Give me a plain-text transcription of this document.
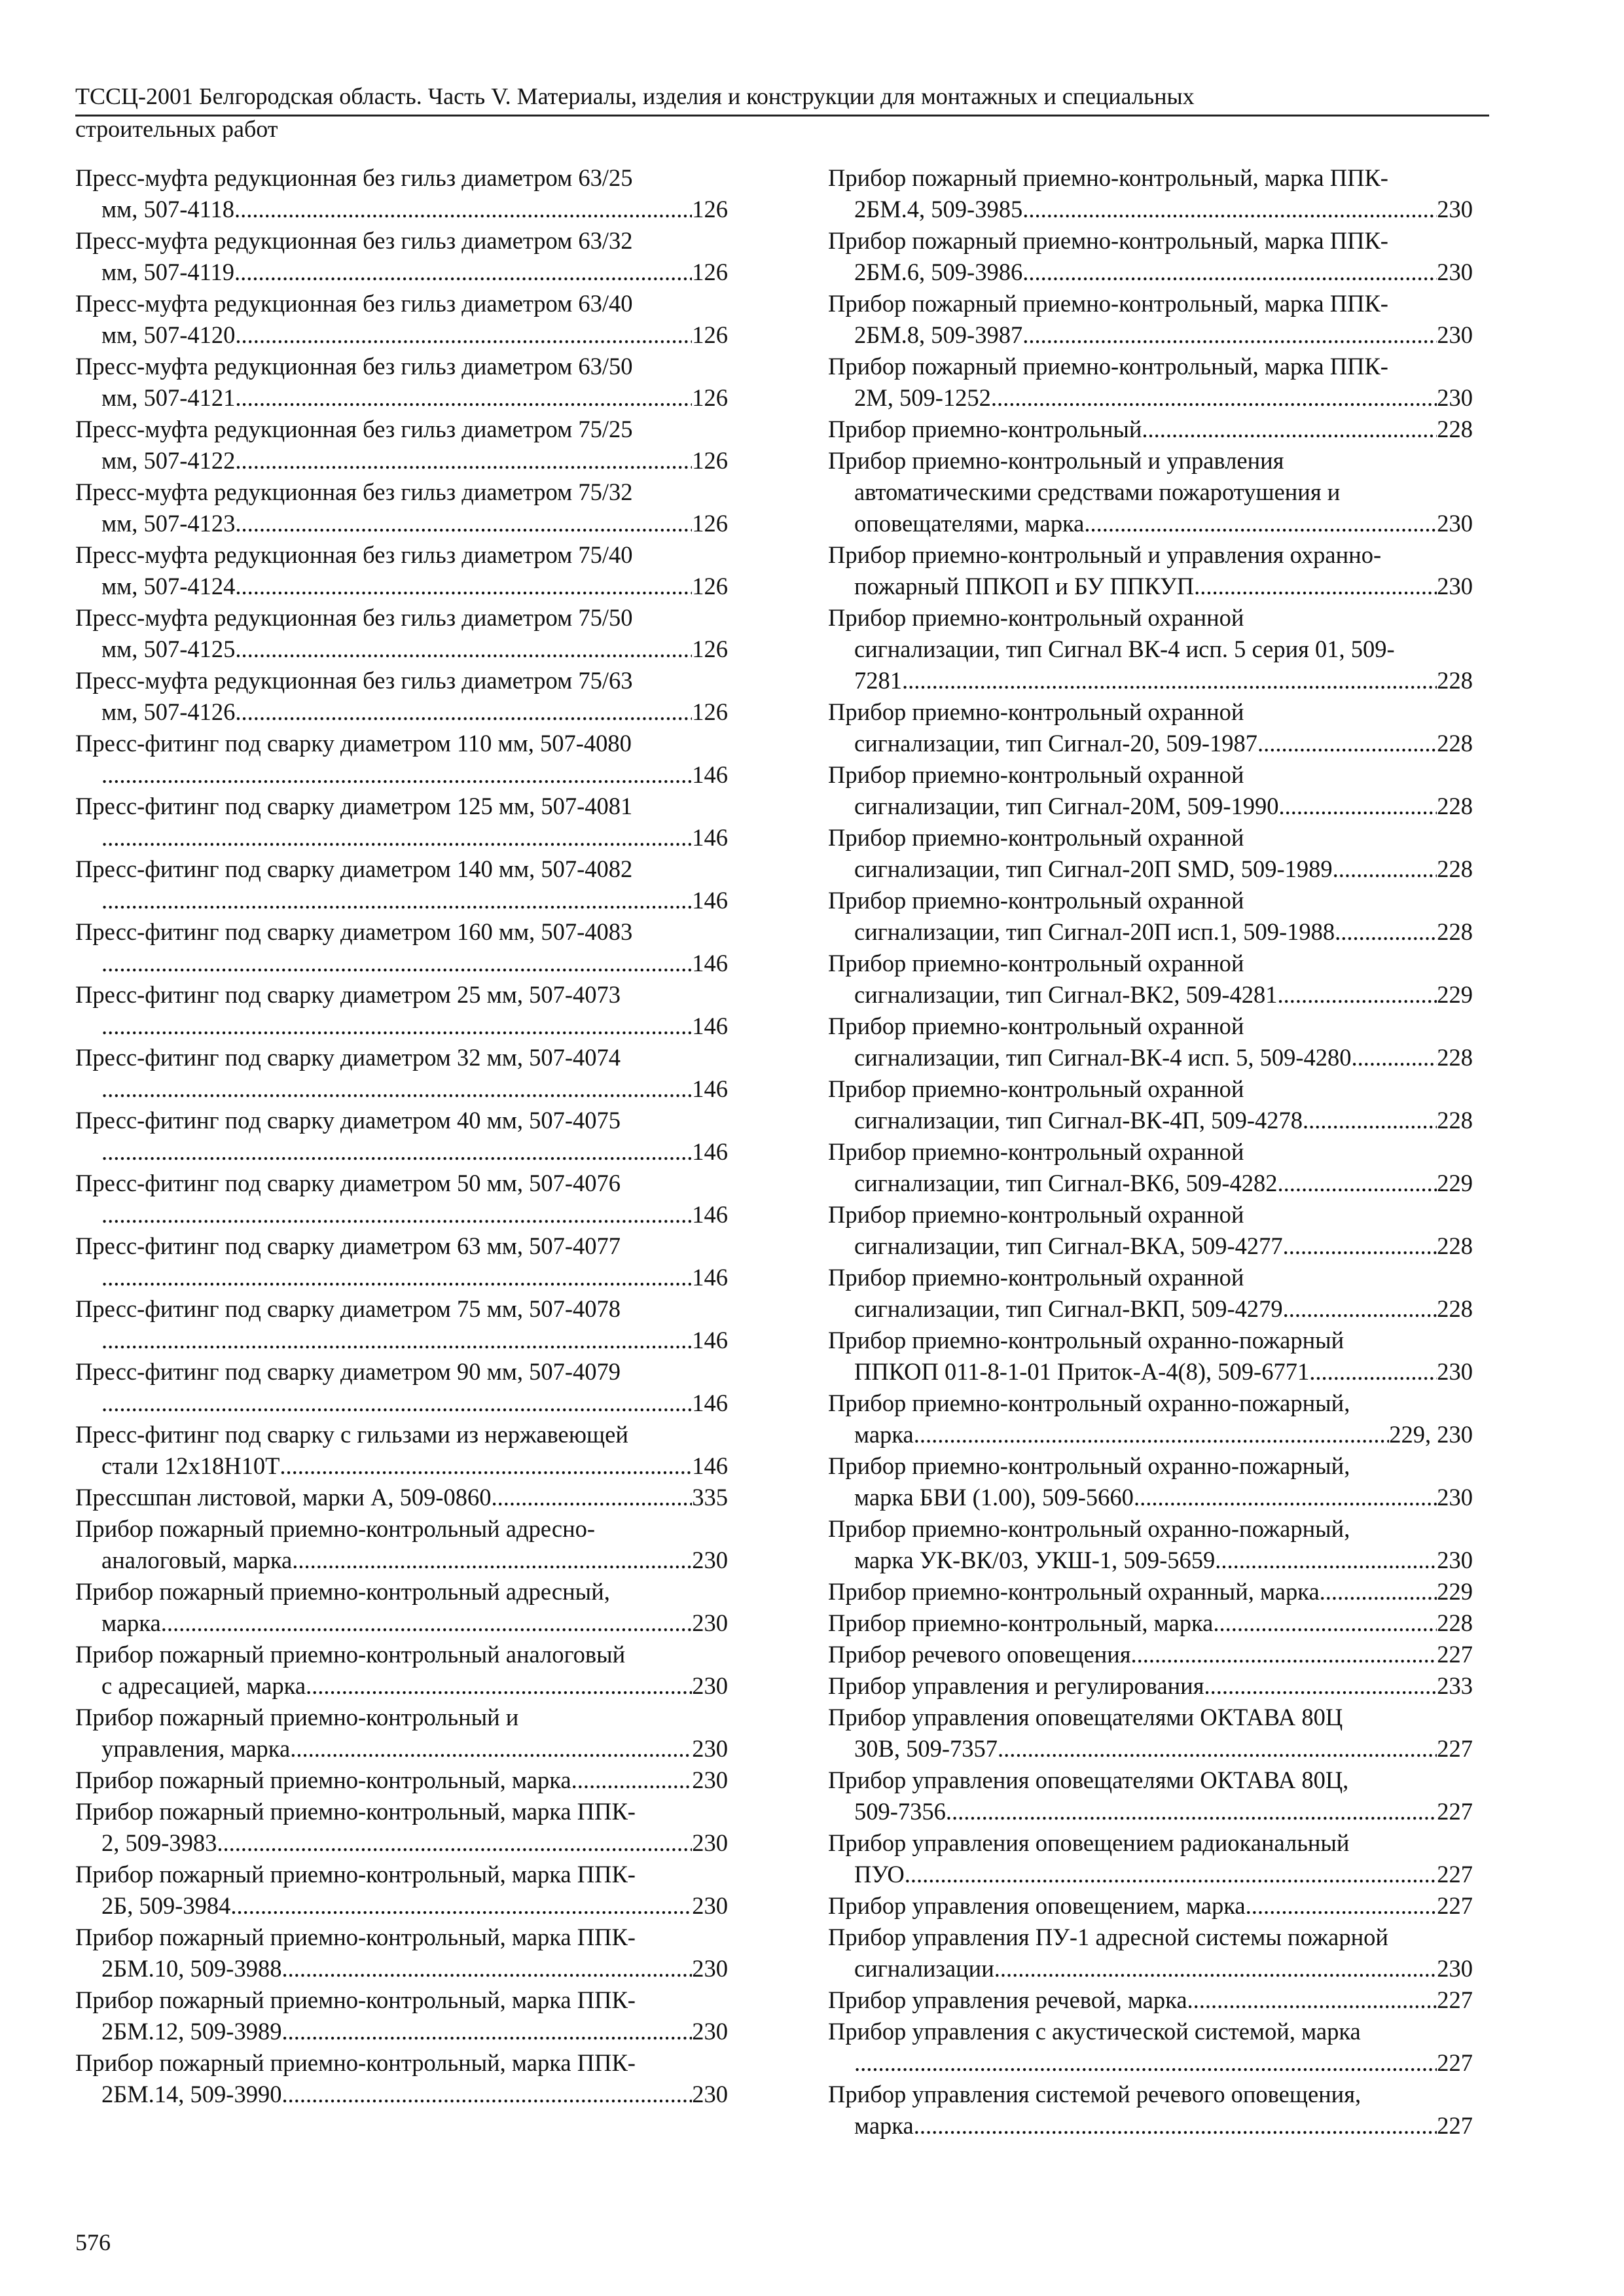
ТССЦ-2001 Белгородская область. Часть V. Материалы, изделия и конструкции для монтажных и специальных
строительных работ
Пресс-муфта редукционная без гильз диаметром 63/25
мм, 507-4118 .....	126
Пресс-муфта редукционная без гильз диаметром 63/32
мм, 507-4119 .....	126
Пресс-муфта редукционная без гильз диаметром 63/40
мм, 507-4120 .....	126
Пресс-муфта редукционная без гильз диаметром 63/50
мм, 507-4121 .....	126
Пресс-муфта редукционная без гильз диаметром 75/25
мм, 507-4122 .....	126
Пресс-муфта редукционная без гильз диаметром 75/32
мм, 507-4123 .....	126
Пресс-муфта редукционная без гильз диаметром 75/40
мм, 507-4124 .....	126
Пресс-муфта редукционная без гильз диаметром 75/50
мм, 507-4125 .....	126
Пресс-муфта редукционная без гильз диаметром 75/63
мм, 507-4126 .....	126
Пресс-фитинг под сварку диаметром 110 мм, 507-4080
.....
146
Пресс-фитинг под сварку диаметром 125 мм, 507-4081
.....
146
Пресс-фитинг под сварку диаметром 140 мм, 507-4082
.....
146
Пресс-фитинг под сварку диаметром 160 мм, 507-4083
.....
146
Пресс-фитинг под сварку диаметром 25 мм, 507-4073
.....
146
Пресс-фитинг под сварку диаметром 32 мм, 507-4074
.....
146
Пресс-фитинг под сварку диаметром 40 мм, 507-4075
.....
146
Пресс-фитинг под сварку диаметром 50 мм, 507-4076
.....
146
Пресс-фитинг под сварку диаметром 63 мм, 507-4077
.....
146
Пресс-фитинг под сварку диаметром 75 мм, 507-4078
.....
146
Пресс-фитинг под сварку диаметром 90 мм, 507-4079
.....
146
Пресс-фитинг под сварку с гильзами из нержавеющей
стали 12х18Н10Т .....	146
Прессшпан листовой, марки А, 509-0860 .....	335
Прибор пожарный приемно-контрольный адресно-
аналоговый, марка .....	230
Прибор пожарный приемно-контрольный адресный,
марка .....	230
Прибор пожарный приемно-контрольный аналоговый
с адресацией, марка .....	230
Прибор пожарный приемно-контрольный и
управления, марка .....	230
Прибор пожарный приемно-контрольный, марка .....	230
Прибор пожарный приемно-контрольный, марка ППК-
2, 509-3983 .....	230
Прибор пожарный приемно-контрольный, марка ППК-
2Б, 509-3984 .....	230
Прибор пожарный приемно-контрольный, марка ППК-
2БМ.10, 509-3988 .....	230
Прибор пожарный приемно-контрольный, марка ППК-
2БМ.12, 509-3989 .....	230
Прибор пожарный приемно-контрольный, марка ППК-
2БМ.14, 509-3990 .....	230
Прибор пожарный приемно-контрольный, марка ППК-
2БМ.4, 509-3985 .....	230
Прибор пожарный приемно-контрольный, марка ППК-
2БМ.6, 509-3986 .....	230
Прибор пожарный приемно-контрольный, марка ППК-
2БМ.8, 509-3987 .....	230
Прибор пожарный приемно-контрольный, марка ППК-
2М, 509-1252 .....	230
Прибор приемно-контрольный .....	228
Прибор приемно-контрольный и управления
автоматическими средствами пожаротушения и
оповещателями, марка .....	230
Прибор приемно-контрольный и управления охранно-
пожарный ППКОП и БУ ППКУП .....	230
Прибор приемно-контрольный охранной
сигнализации, тип Сигнал ВК-4 исп. 5 серия 01, 509-
7281 .....	228
Прибор приемно-контрольный охранной
сигнализации, тип Сигнал-20, 509-1987 .....	228
Прибор приемно-контрольный охранной
сигнализации, тип Сигнал-20М, 509-1990 .....	228
Прибор приемно-контрольный охранной
сигнализации, тип Сигнал-20П SMD, 509-1989 .....	228
Прибор приемно-контрольный охранной
сигнализации, тип Сигнал-20П исп.1, 509-1988 .....	228
Прибор приемно-контрольный охранной
сигнализации, тип Сигнал-ВК2, 509-4281 .....	229
Прибор приемно-контрольный охранной
сигнализации, тип Сигнал-ВК-4 исп. 5, 509-4280 .....	228
Прибор приемно-контрольный охранной
сигнализации, тип Сигнал-ВК-4П, 509-4278 .....	228
Прибор приемно-контрольный охранной
сигнализации, тип Сигнал-ВК6, 509-4282 .....	229
Прибор приемно-контрольный охранной
сигнализации, тип Сигнал-ВКА, 509-4277 .....	228
Прибор приемно-контрольный охранной
сигнализации, тип Сигнал-ВКП, 509-4279 .....	228
Прибор приемно-контрольный охранно-пожарный
ППКОП 011-8-1-01 Приток-А-4(8), 509-6771 .....	230
Прибор приемно-контрольный охранно-пожарный,
марка .....	229, 230
Прибор приемно-контрольный охранно-пожарный,
марка БВИ (1.00), 509-5660 .....	230
Прибор приемно-контрольный охранно-пожарный,
марка УК-ВК/03, УКШ-1, 509-5659 .....	230
Прибор приемно-контрольный охранный, марка .....	229
Прибор приемно-контрольный, марка .....	228
Прибор речевого оповещения .....	227
Прибор управления и регулирования .....	233
Прибор управления оповещателями ОКТАВА 80Ц
30В, 509-7357 .....	227
Прибор управления оповещателями ОКТАВА 80Ц,
509-7356 .....	227
Прибор управления оповещением радиоканальный
ПУО .....	227
Прибор управления оповещением, марка .....	227
Прибор управления ПУ-1 адресной системы пожарной
сигнализации .....	230
Прибор управления речевой, марка .....	227
Прибор управления с акустической системой, марка
.....
227
Прибор управления системой речевого оповещения,
марка .....	227
576
